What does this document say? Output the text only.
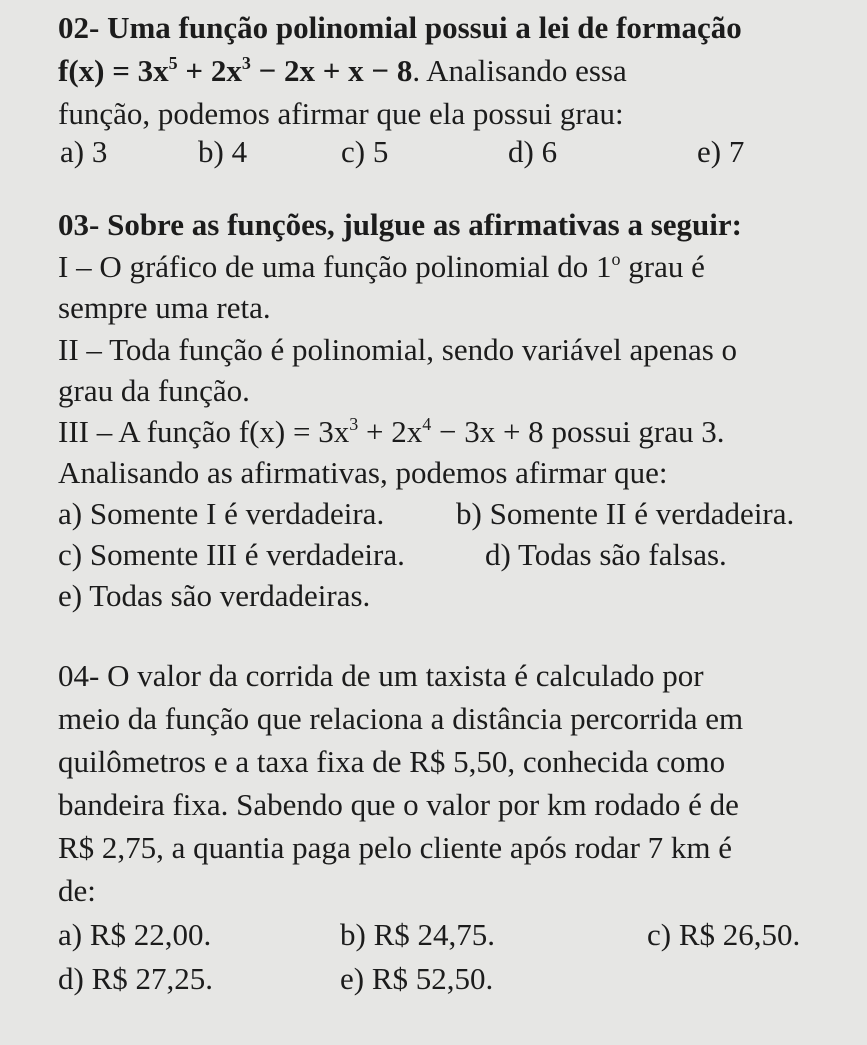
02- Uma função polinomial possui a lei de formação
$f(x) = 3x^5 + 2x^3 - 2x + x - 8$. Analisando essa
função, podemos afirmar que ela possui grau:
a) 3	b) 4	c) 5	d) 6	e) 7
03- Sobre as funções, julgue as afirmativas a seguir:
I – O gráfico de uma função polinomial do 1$^o$ grau é
sempre uma reta.
II – Toda função é polinomial, sendo variável apenas o
grau da função.
III – A função $f(x) = 3x^3 + 2x^4 - 3x + 8$ possui grau 3.
Analisando as afirmativas, podemos afirmar que:
a) Somente I é verdadeira. b) Somente II é verdadeira.
c) Somente III é verdadeira.	d) Todas são falsas.
e) Todas são verdadeiras.
04- O valor da corrida de um taxista é calculado por
meio da função que relaciona a distância percorrida em
quilômetros e a taxa fixa de R$ 5,50, conhecida como
bandeira fixa. Sabendo que o valor por km rodado é de
R$ 2,75, a quantia paga pelo cliente após rodar 7 km é
de:
a) R$ 22,00.	b) R$ 24,75.	c) R$ 26,50.
d) R$ 27,25.	e) R$ 52,50.
